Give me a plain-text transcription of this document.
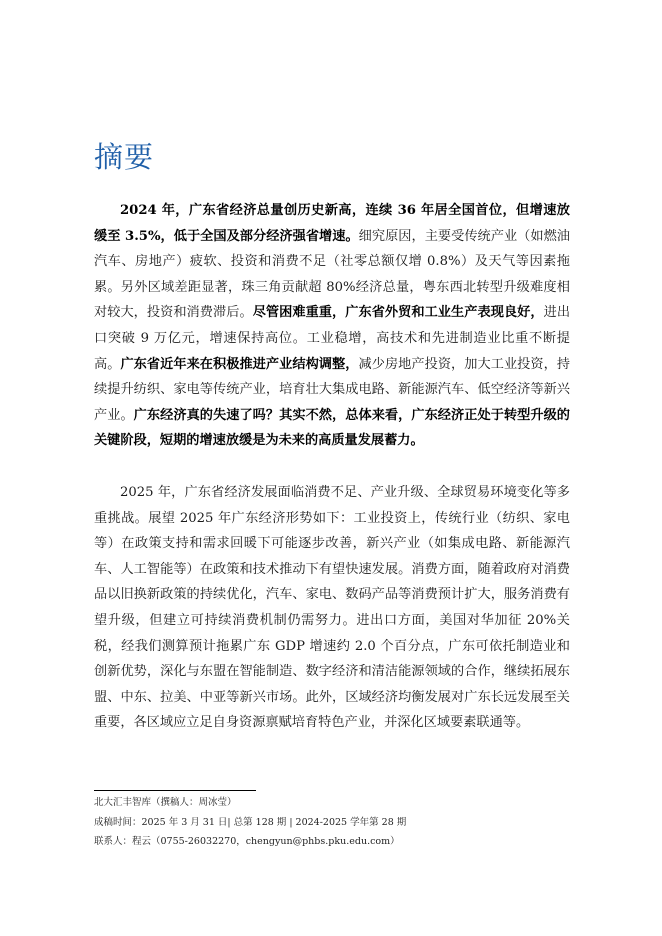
摘要

2024 年，广东省经济总量创历史新高，连续 36 年居全国首位，但增速放缓至 3.5%，低于全国及部分经济强省增速。细究原因，主要受传统产业（如燃油汽车、房地产）疲软、投资和消费不足（社零总额仅增 0.8%）及天气等因素拖累。另外区域差距显著，珠三角贡献超 80%经济总量，粤东西北转型升级难度相对较大，投资和消费滞后。尽管困难重重，广东省外贸和工业生产表现良好，进出口突破 9 万亿元，增速保持高位。工业稳增，高技术和先进制造业比重不断提高。广东省近年来在积极推进产业结构调整，减少房地产投资，加大工业投资，持续提升纺织、家电等传统产业，培育壮大集成电路、新能源汽车、低空经济等新兴产业。广东经济真的失速了吗？其实不然，总体来看，广东经济正处于转型升级的关键阶段，短期的增速放缓是为未来的高质量发展蓄力。

2025 年，广东省经济发展面临消费不足、产业升级、全球贸易环境变化等多重挑战。展望 2025 年广东经济形势如下：工业投资上，传统行业（纺织、家电等）在政策支持和需求回暖下可能逐步改善，新兴产业（如集成电路、新能源汽车、人工智能等）在政策和技术推动下有望快速发展。消费方面，随着政府对消费品以旧换新政策的持续优化，汽车、家电、数码产品等消费预计扩大，服务消费有望升级，但建立可持续消费机制仍需努力。进出口方面，美国对华加征 20%关税，经我们测算预计拖累广东 GDP 增速约 2.0 个百分点，广东可依托制造业和创新优势，深化与东盟在智能制造、数字经济和清洁能源领域的合作，继续拓展东盟、中东、拉美、中亚等新兴市场。此外，区域经济均衡发展对广东长远发展至关重要，各区域应立足自身资源禀赋培育特色产业，并深化区域要素联通等。

北大汇丰智库（撰稿人：周冰莹）

成稿时间：2025 年 3 月 31 日| 总第 128 期 | 2024-2025 学年第 28 期

联系人：程云（0755-26032270，chengyun@phbs.pku.edu.com）
